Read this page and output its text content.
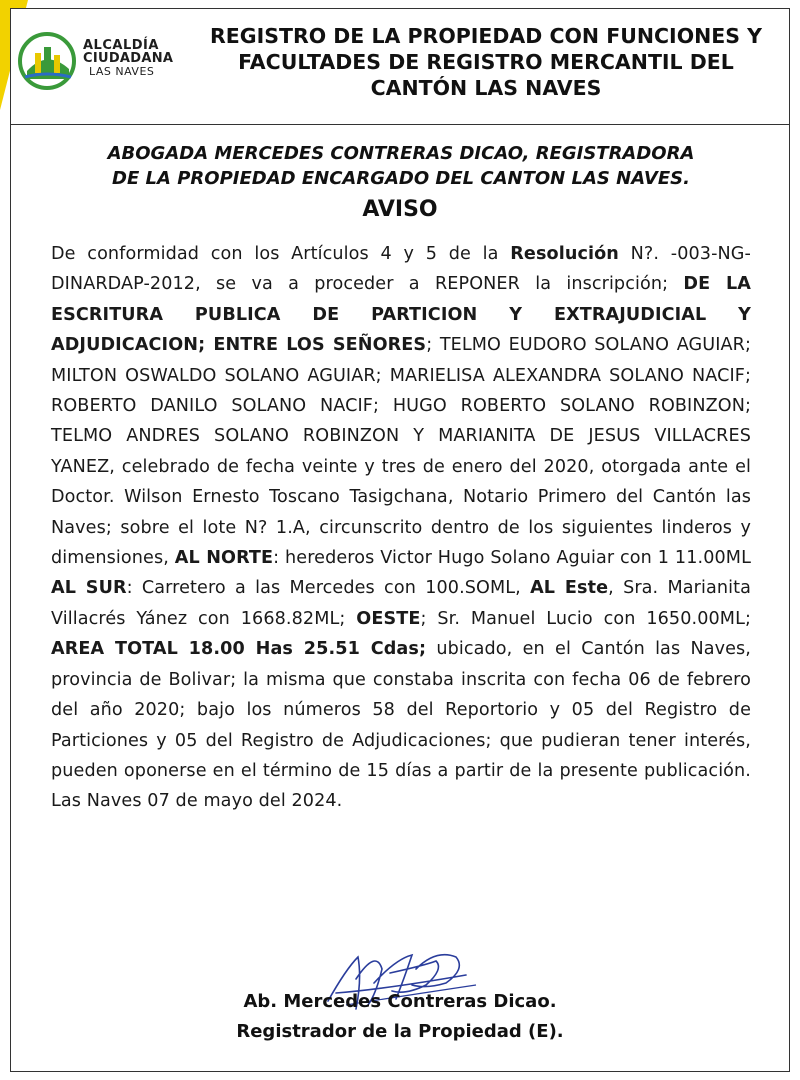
ALCALDÍA
CIUDADANA
LAS NAVES
REGISTRO DE LA PROPIEDAD CON FUNCIONES Y
FACULTADES DE REGISTRO MERCANTIL DEL
CANTÓN LAS NAVES
ABOGADA MERCEDES CONTRERAS DICAO, REGISTRADORA
DE LA PROPIEDAD ENCARGADO DEL CANTON LAS NAVES.
AVISO
De conformidad con los Artículos 4 y 5 de la Resolución N?. -003-NG-DINARDAP-2012, se va a proceder a REPONER la inscripción; DE LA ESCRITURA PUBLICA DE PARTICION Y EXTRAJUDICIAL Y ADJUDICACION; ENTRE LOS SEÑORES; TELMO EUDORO SOLANO AGUIAR; MILTON OSWALDO SOLANO AGUIAR; MARIELISA ALEXANDRA SOLANO NACIF; ROBERTO DANILO SOLANO NACIF; HUGO ROBERTO SOLANO ROBINZON; TELMO ANDRES SOLANO ROBINZON Y MARIANITA DE JESUS VILLACRES YANEZ, celebrado de fecha veinte y tres de enero del 2020, otorgada ante el Doctor. Wilson Ernesto Toscano Tasigchana, Notario Primero del Cantón las Naves; sobre el lote N? 1.A, circunscrito dentro de los siguientes linderos y dimensiones, AL NORTE: herederos Victor Hugo Solano Aguiar con 1 11.00ML AL SUR: Carretero a las Mercedes con 100.SOML, AL Este, Sra. Marianita Villacrés Yánez con 1668.82ML; OESTE; Sr. Manuel Lucio con 1650.00ML; AREA TOTAL 18.00 Has 25.51 Cdas; ubicado, en el Cantón las Naves, provincia de Bolivar; la misma que constaba inscrita con fecha 06 de febrero del año 2020; bajo los números 58 del Reportorio y 05 del Registro de Particiones y 05 del Registro de Adjudicaciones; que pudieran tener interés, pueden oponerse en el término de 15 días a partir de la presente publicación. Las Naves 07 de mayo del 2024.
Ab. Mercedes Contreras Dicao.
Registrador de la Propiedad (E).
